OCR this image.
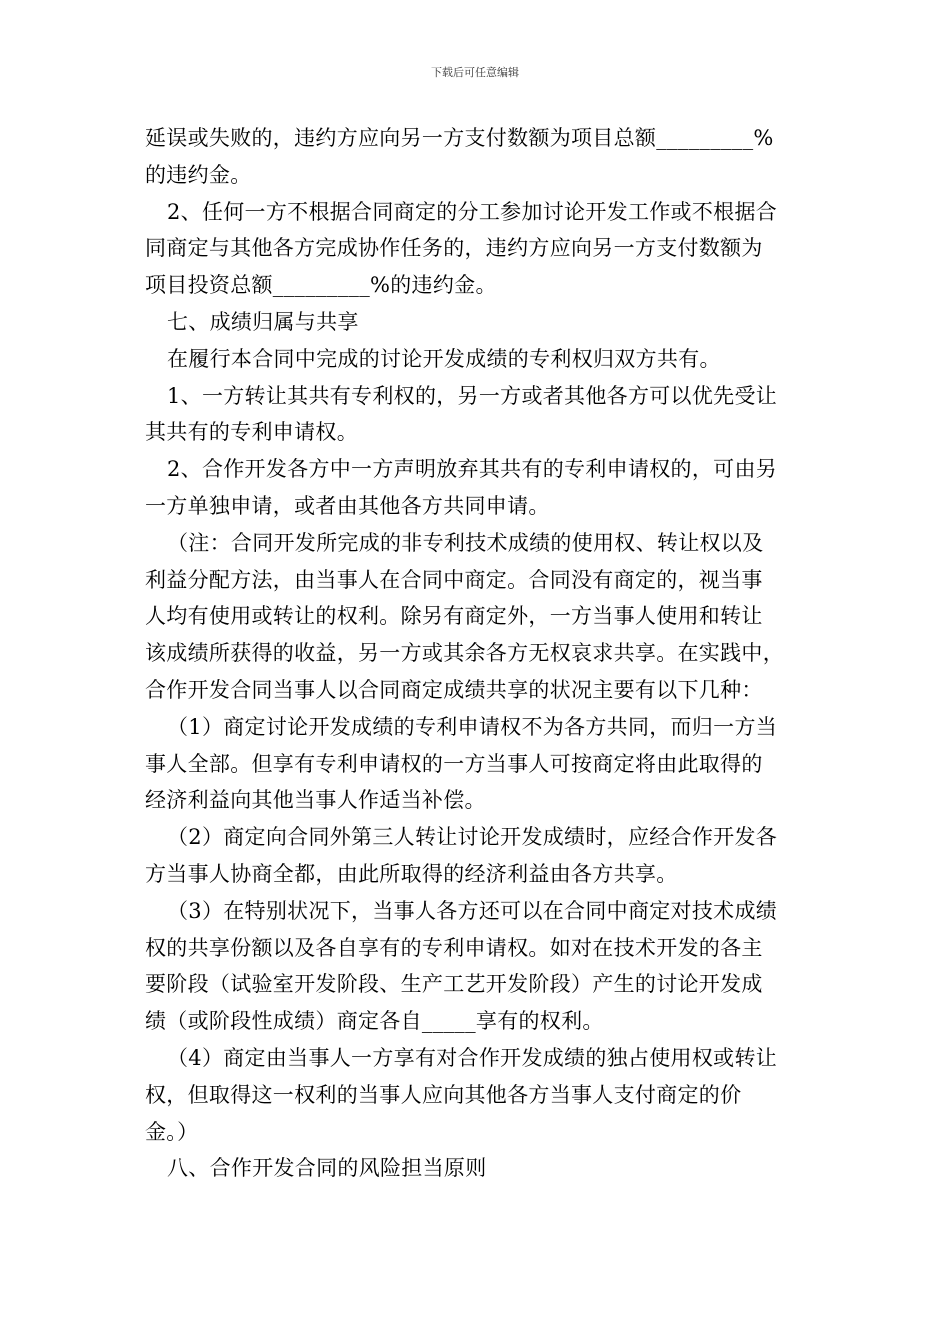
下载后可任意编辑
延误或失败的，违约方应向另一方支付数额为项目总额_________%
的违约金。
2、任何一方不根据合同商定的分工参加讨论开发工作或不根据合
同商定与其他各方完成协作任务的，违约方应向另一方支付数额为
项目投资总额_________%的违约金。
七、成绩归属与共享
在履行本合同中完成的讨论开发成绩的专利权归双方共有。
1、一方转让其共有专利权的，另一方或者其他各方可以优先受让
其共有的专利申请权。
2、合作开发各方中一方声明放弃其共有的专利申请权的，可由另
一方单独申请，或者由其他各方共同申请。
（注：合同开发所完成的非专利技术成绩的使用权、转让权以及
利益分配方法，由当事人在合同中商定。合同没有商定的，视当事
人均有使用或转让的权利。除另有商定外，一方当事人使用和转让
该成绩所获得的收益，另一方或其余各方无权哀求共享。在实践中，
合作开发合同当事人以合同商定成绩共享的状况主要有以下几种：
（1）商定讨论开发成绩的专利申请权不为各方共同，而归一方当
事人全部。但享有专利申请权的一方当事人可按商定将由此取得的
经济利益向其他当事人作适当补偿。
（2）商定向合同外第三人转让讨论开发成绩时，应经合作开发各
方当事人协商全都，由此所取得的经济利益由各方共享。
（3）在特别状况下，当事人各方还可以在合同中商定对技术成绩
权的共享份额以及各自享有的专利申请权。如对在技术开发的各主
要阶段（试验室开发阶段、生产工艺开发阶段）产生的讨论开发成
绩（或阶段性成绩）商定各自_____享有的权利。
（4）商定由当事人一方享有对合作开发成绩的独占使用权或转让
权，但取得这一权利的当事人应向其他各方当事人支付商定的价
金。）
八、合作开发合同的风险担当原则
